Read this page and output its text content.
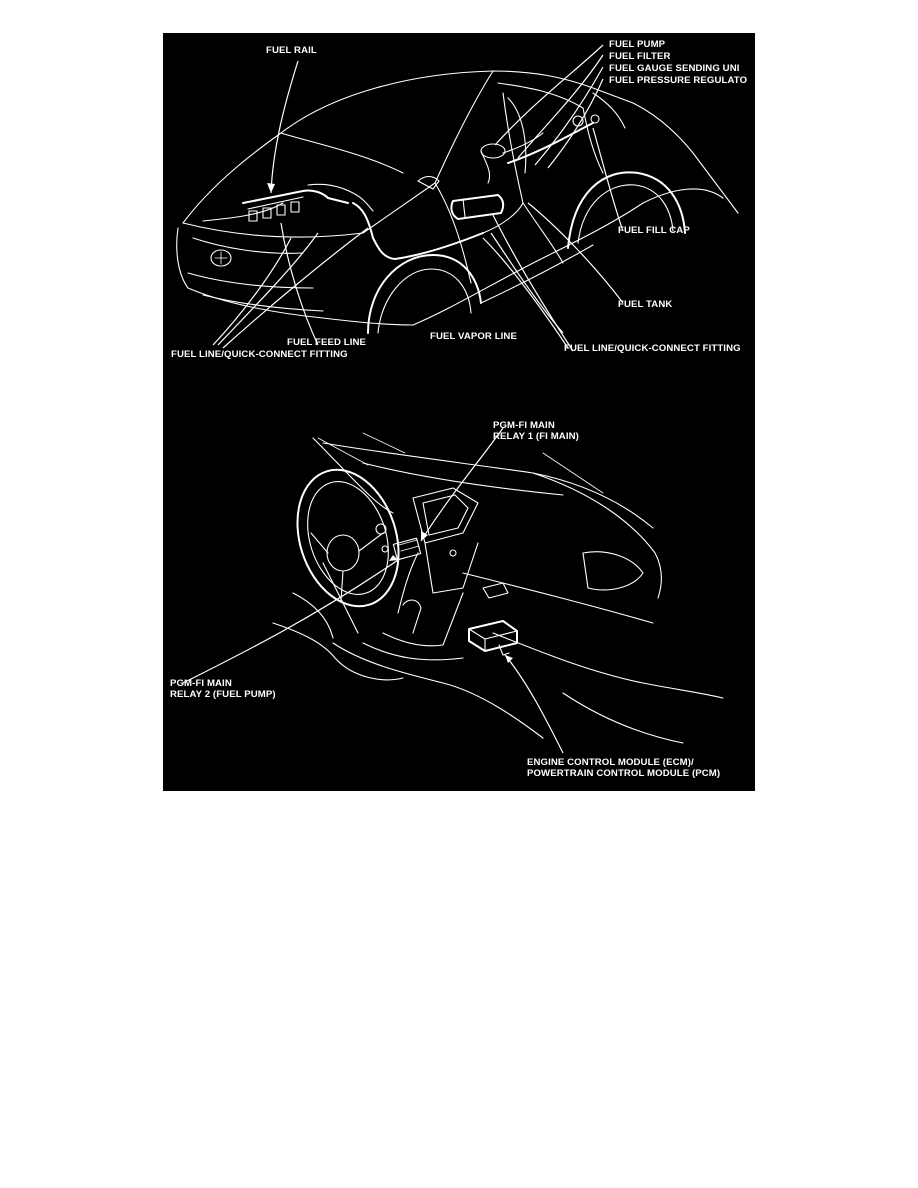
FUEL RAIL
FUEL PUMP
FUEL FILTER
FUEL GAUGE SENDING UNI
FUEL PRESSURE REGULATO
FUEL FILL CAP
FUEL TANK
FUEL VAPOR LINE
FUEL LINE/QUICK-CONNECT FITTING
FUEL FEED LINE
FUEL LINE/QUICK-CONNECT FITTING
PGM-FI MAIN
RELAY 1 (FI MAIN)
PGM-FI MAIN
RELAY 2 (FUEL PUMP)
ENGINE CONTROL MODULE (ECM)/
POWERTRAIN CONTROL MODULE (PCM)
